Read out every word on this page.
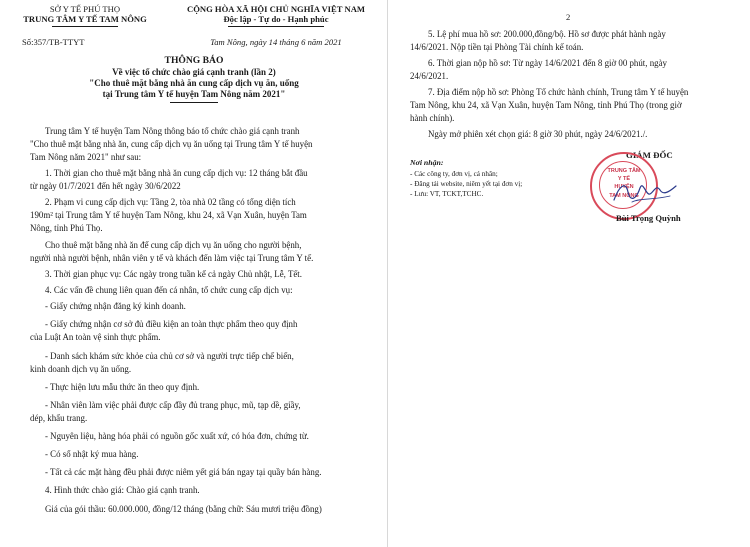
SỞ Y TẾ PHÚ THỌ
TRUNG TÂM Y TẾ TAM NÔNG
Số:357/TB-TTYT
CỘNG HÒA XÃ HỘI CHỦ NGHĨA VIỆT NAM
Độc lập - Tự do - Hạnh phúc
Tam Nông, ngày 14 tháng 6 năm 2021
THÔNG BÁO
Về việc tổ chức chào giá cạnh tranh (lần 2)
"Cho thuê mặt bằng nhà ăn cung cấp dịch vụ ăn, uống
tại Trung tâm Y tế huyện Tam Nông năm 2021"
Trung tâm Y tế huyện Tam Nông thông báo tổ chức chào giá cạnh tranh
"Cho thuê mặt bằng nhà ăn, cung cấp dịch vụ ăn uống tại Trung tâm Y tế huyện
Tam Nông năm 2021" như sau:
1. Thời gian cho thuê mặt bằng nhà ăn cung cấp dịch vụ: 12 tháng bắt đầu
từ ngày 01/7/2021 đến hết ngày 30/6/2022
2. Phạm vi cung cấp dịch vụ: Tầng 2, tòa nhà 02 tầng có tổng diện tích
190m² tại Trung tâm Y tế huyện Tam Nông, khu 24, xã Vạn Xuân, huyện Tam
Nông, tỉnh Phú Thọ.
Cho thuê mặt bằng nhà ăn để cung cấp dịch vụ ăn uống cho người bệnh,
người nhà người bệnh, nhân viên y tế và khách đến làm việc tại Trung tâm Y tế.
3. Thời gian phục vụ: Các ngày trong tuần kể cả ngày Chủ nhật, Lễ, Tết.
4. Các vấn đề chung liên quan đến cá nhân, tổ chức cung cấp dịch vụ:
- Giấy chứng nhận đăng ký kinh doanh.
- Giấy chứng nhận cơ sở đủ điều kiện an toàn thực phẩm theo quy định
của Luật An toàn vệ sinh thực phẩm.
- Danh sách khám sức khỏe của chủ cơ sở và người trực tiếp chế biến,
kinh doanh dịch vụ ăn uống.
- Thực hiện lưu mẫu thức ăn theo quy định.
- Nhân viên làm việc phải được cấp đầy đủ trang phục, mũ, tạp dề, giầy,
dép, khẩu trang.
- Nguyên liệu, hàng hóa phải có nguồn gốc xuất xứ, có hóa đơn, chứng từ.
- Có sổ nhật ký mua hàng.
- Tất cả các mặt hàng đều phải được niêm yết giá bán ngay tại quầy bán hàng.
4. Hình thức chào giá: Chào giá cạnh tranh.
Giá của gói thầu: 60.000.000, đồng/12 tháng (bằng chữ: Sáu mươi triệu đồng)
2
5. Lệ phí mua hồ sơ: 200.000,đồng/bộ. Hồ sơ được phát hành ngày
14/6/2021. Nộp tiền tại Phòng Tài chính kế toán.
6. Thời gian nộp hồ sơ: Từ ngày 14/6/2021 đến 8 giờ 00 phút, ngày
24/6/2021.
7. Địa điểm nộp hồ sơ: Phòng Tổ chức hành chính, Trung tâm Y tế huyện
Tam Nông, khu 24, xã Vạn Xuân, huyện Tam Nông, tỉnh Phú Thọ (trong giờ
hành chính).
Ngày mở phiên xét chọn giá: 8 giờ 30 phút, ngày 24/6/2021./.
Nơi nhận:
- Các công ty, đơn vị, cá nhân;
- Đăng tải website, niêm yết tại đơn vị;
- Lưu: VT, TCKT,TCHC.
GIÁM ĐỐC
TRUNG TÂM
Y TẾ
HUYỆN
TAM NÔNG
Bùi Trọng Quỳnh
